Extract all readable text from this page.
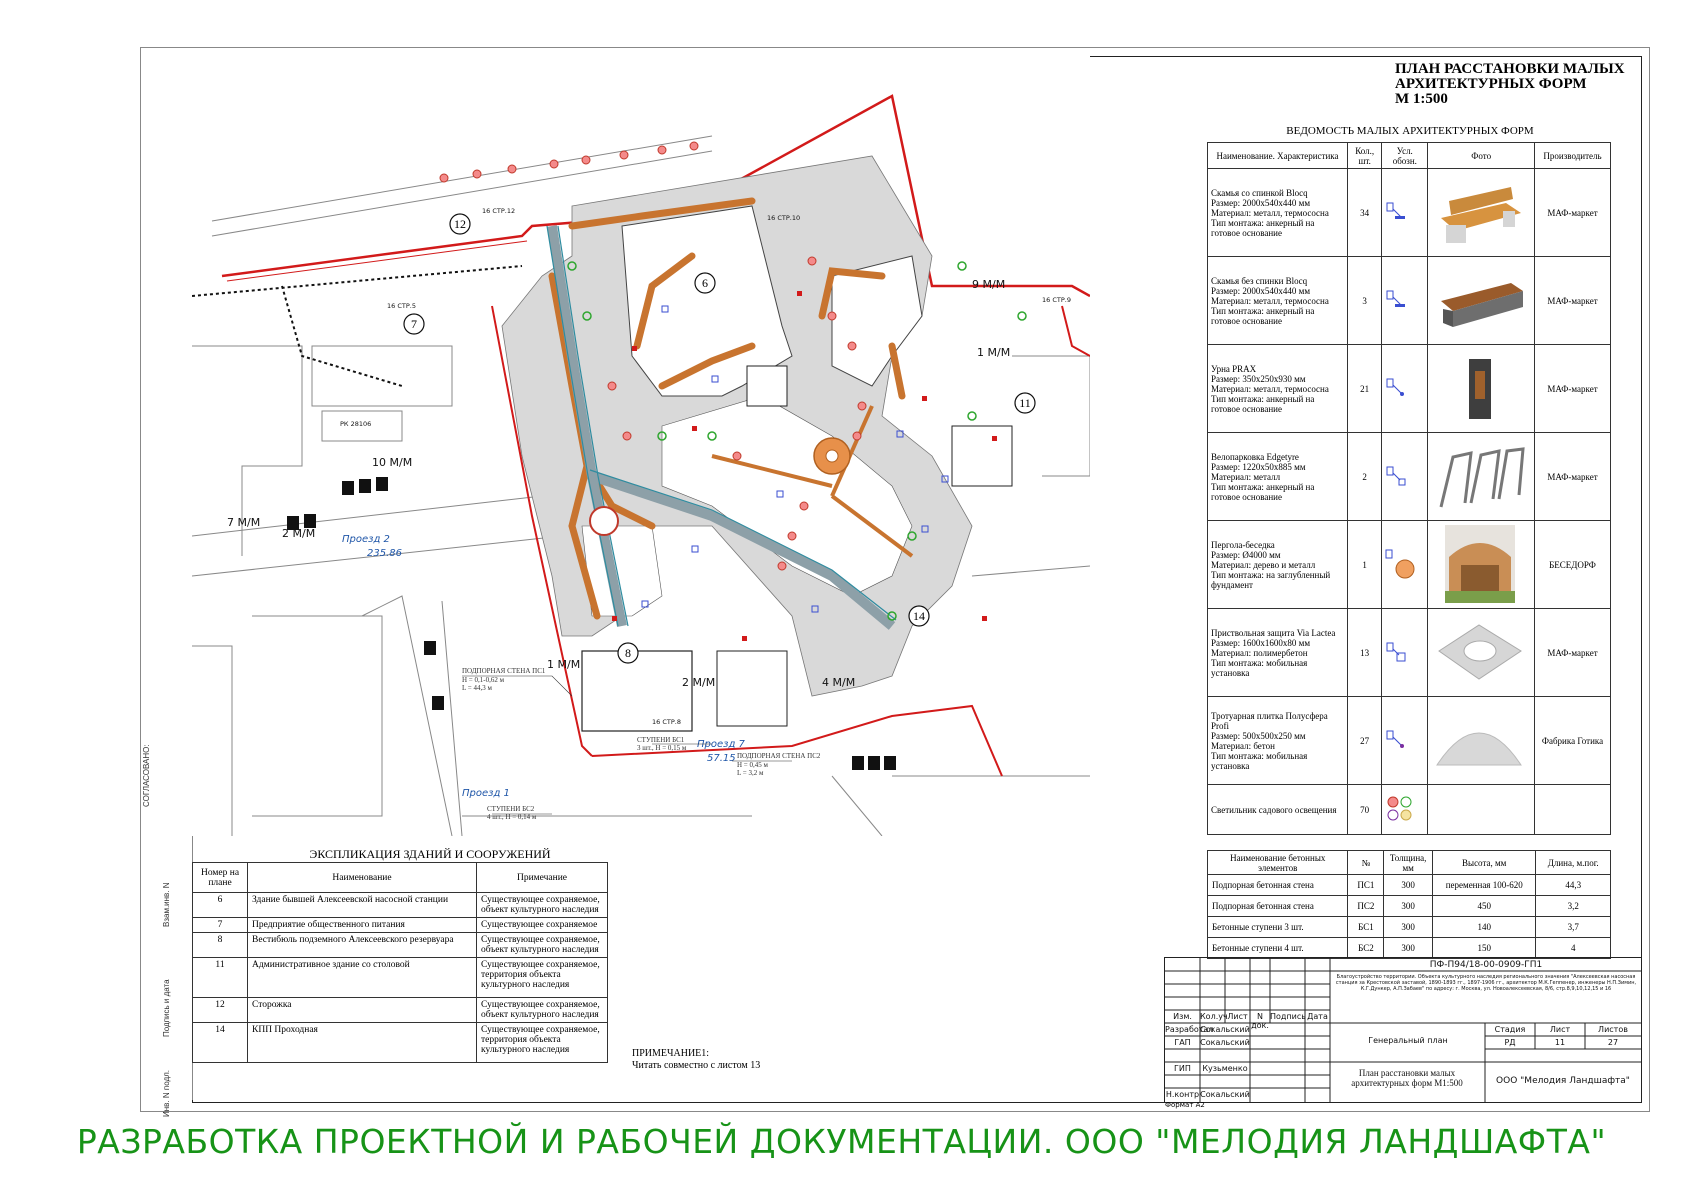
СОГЛАСОВАНО:
Взам.инв. N
Подпись и дата
Инв. N подл.
6
7
8
11
12
14
10 М/М
9 М/М
1 М/М
2 М/М
7 М/М
1 М/М
2 М/М	4 М/М
Проезд 2
235.86
Проезд 7
57.15
Проезд 1
16 СТР.5
16 СТР.10
16 СТР.8
16 СТР.9
16 СТР.12
РК 28106
ПОДПОРНАЯ СТЕНА ПС1
H = 0,1-0,62 м
L = 44,3 м
ПОДПОРНАЯ СТЕНА ПС2
H = 0,45 м
L = 3,2 м
СТУПЕНИ БС1
3 шт., H = 0,15 м
СТУПЕНИ БС2
4 шт., H = 0,14 м
ПЛАН РАССТАНОВКИ МАЛЫХ
АРХИТЕКТУРНЫХ ФОРМ
М 1:500
ВЕДОМОСТЬ МАЛЫХ АРХИТЕКТУРНЫХ ФОРМ
Наименование. Характеристика	Кол., шт.	Усл. обозн.	Фото	Производитель

Скамья со спинкой Blocq
Размер: 2000х540х440 мм
Материал: металл, термососна
Тип монтажа: анкерный на готовое основание	34			МАФ-маркет

Скамья без спинки Blocq
Размер: 2000х540х440 мм
Материал: металл, термососна
Тип монтажа: анкерный на готовое основание	3			МАФ-маркет

Урна PRAX
Размер: 350х250х930 мм
Материал: металл, термососна
Тип монтажа: анкерный на готовое основание	21			МАФ-маркет

Велопарковка Edgetyre
Размер: 1220х50х885 мм
Материал: металл
Тип монтажа: анкерный на готовое основание	2			МАФ-маркет

Пергола-беседка
Размер: Ø4000 мм
Материал: дерево и металл
Тип монтажа: на заглубленный фундамент	1			БЕСЕДОРФ

Приствольная защита Via Lactea
Размер: 1600х1600х80 мм
Материал: полимербетон
Тип монтажа: мобильная установка	13			МАФ-маркет

Тротуарная плитка Полусфера Profi
Размер: 500х500х250 мм
Материал: бетон
Тип монтажа: мобильная установка	27			Фабрика Готика
Светильник садового освещения	70			
Наименование бетонных элементов	№	Толщина, мм	Высота, мм	Длина, м.пог.
Подпорная бетонная стена	ПС1	300	переменная 100-620	44,3
Подпорная бетонная стена	ПС2	300	450	3,2
Бетонные ступени 3 шт.	БС1	300	140	3,7
Бетонные ступени 4 шт.	БС2	300	150	4
ЭКСПЛИКАЦИЯ ЗДАНИЙ И СООРУЖЕНИЙ
Номер на плане	Наименование	Примечание
6	Здание бывшей Алексеевской насосной станции	Существующее сохраняемое, объект культурного наследия
7	Предприятие общественного питания	Существующее сохраняемое
8	Вестибюль подземного Алексеевского резервуара	Существующее сохраняемое, объект культурного наследия
11	Административное здание со столовой	Существующее сохраняемое, территория объекта культурного наследия
12	Сторожка	Существующее сохраняемое, объект культурного наследия
14	КПП Проходная	Существующее сохраняемое, территория объекта культурного наследия	ПРИМЕЧАНИЕ1:
Читать совместно с листом 13
ПФ-П94/18-00-0909-ГП1
Благоустройство территории. Объекта культурного наследия регионального значения "Алексеевская насосная станция за Крестовской заставой, 1890-1893 гг., 1897-1906 гг., архитектор М.К.Геппенер, инженеры Н.П.Зимин, К.Г.Дункер, А.П.Забаев" по адресу: г. Москва, ул. Новоалексеевская, 8/6, стр.8,9,10,12,15 и 16
Изм.	Кол.уч Лист	N док.
Подпись Дата
Разработал
Сокальский
ГАП	Сокальский
ГИП	Кузьменко
Н.контр Сокальский
Генеральный план
Стадия	Лист	Листов
РД	11	27
План расстановки малых архитектурных форм М1:500	ООО "Мелодия Ландшафта"
Формат А2
РАЗРАБОТКА ПРОЕКТНОЙ И РАБОЧЕЙ ДОКУМЕНТАЦИИ. ООО "МЕЛОДИЯ ЛАНДШАФТА"
